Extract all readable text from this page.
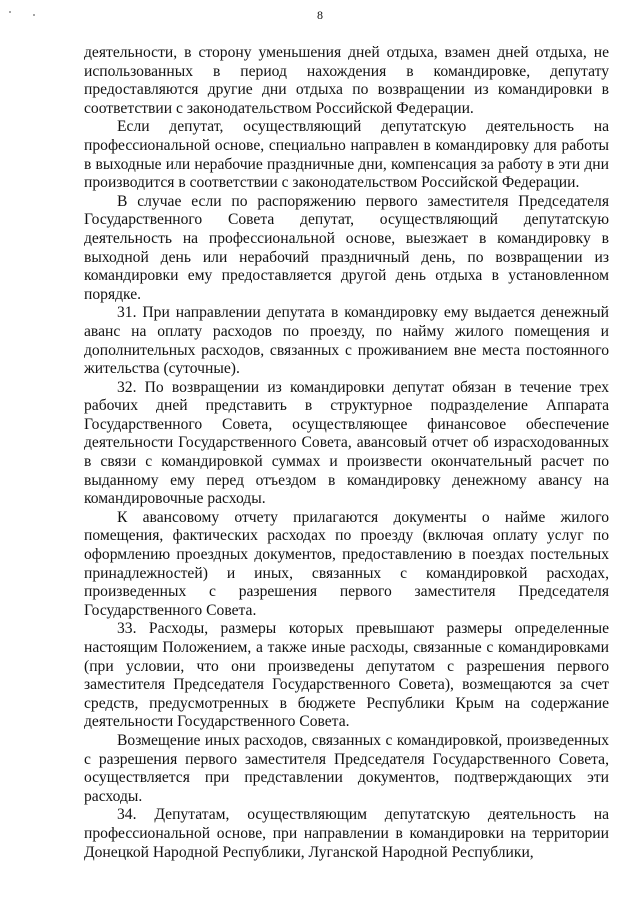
8

деятельности, в сторону уменьшения дней отдыха, взамен дней отдыха, не использованных в период нахождения в командировке, депутату предоставляются другие дни отдыха по возвращении из командировки в соответствии с законодательством Российской Федерации.

Если депутат, осуществляющий депутатскую деятельность на профессиональной основе, специально направлен в командировку для работы в выходные или нерабочие праздничные дни, компенсация за работу в эти дни производится в соответствии с законодательством Российской Федерации.

В случае если по распоряжению первого заместителя Председателя Государственного Совета депутат, осуществляющий депутатскую деятельность на профессиональной основе, выезжает в командировку в выходной день или нерабочий праздничный день, по возвращении из командировки ему предоставляется другой день отдыха в установленном порядке.

31. При направлении депутата в командировку ему выдается денежный аванс на оплату расходов по проезду, по найму жилого помещения и дополнительных расходов, связанных с проживанием вне места постоянного жительства (суточные).

32. По возвращении из командировки депутат обязан в течение трех рабочих дней представить в структурное подразделение Аппарата Государственного Совета, осуществляющее финансовое обеспечение деятельности Государственного Совета, авансовый отчет об израсходованных в связи с командировкой суммах и произвести окончательный расчет по выданному ему перед отъездом в командировку денежному авансу на командировочные расходы.

К авансовому отчету прилагаются документы о найме жилого помещения, фактических расходах по проезду (включая оплату услуг по оформлению проездных документов, предоставлению в поездах постельных принадлежностей) и иных, связанных с командировкой расходах, произведенных с разрешения первого заместителя Председателя Государственного Совета.

33. Расходы, размеры которых превышают размеры определенные настоящим Положением, а также иные расходы, связанные с командировками (при условии, что они произведены депутатом с разрешения первого заместителя Председателя Государственного Совета), возмещаются за счет средств, предусмотренных в бюджете Республики Крым на содержание деятельности Государственного Совета.

Возмещение иных расходов, связанных с командировкой, произведенных с разрешения первого заместителя Председателя Государственного Совета, осуществляется при представлении документов, подтверждающих эти расходы.

34. Депутатам, осуществляющим депутатскую деятельность на профессиональной основе, при направлении в командировки на территории Донецкой Народной Республики, Луганской Народной Республики,
